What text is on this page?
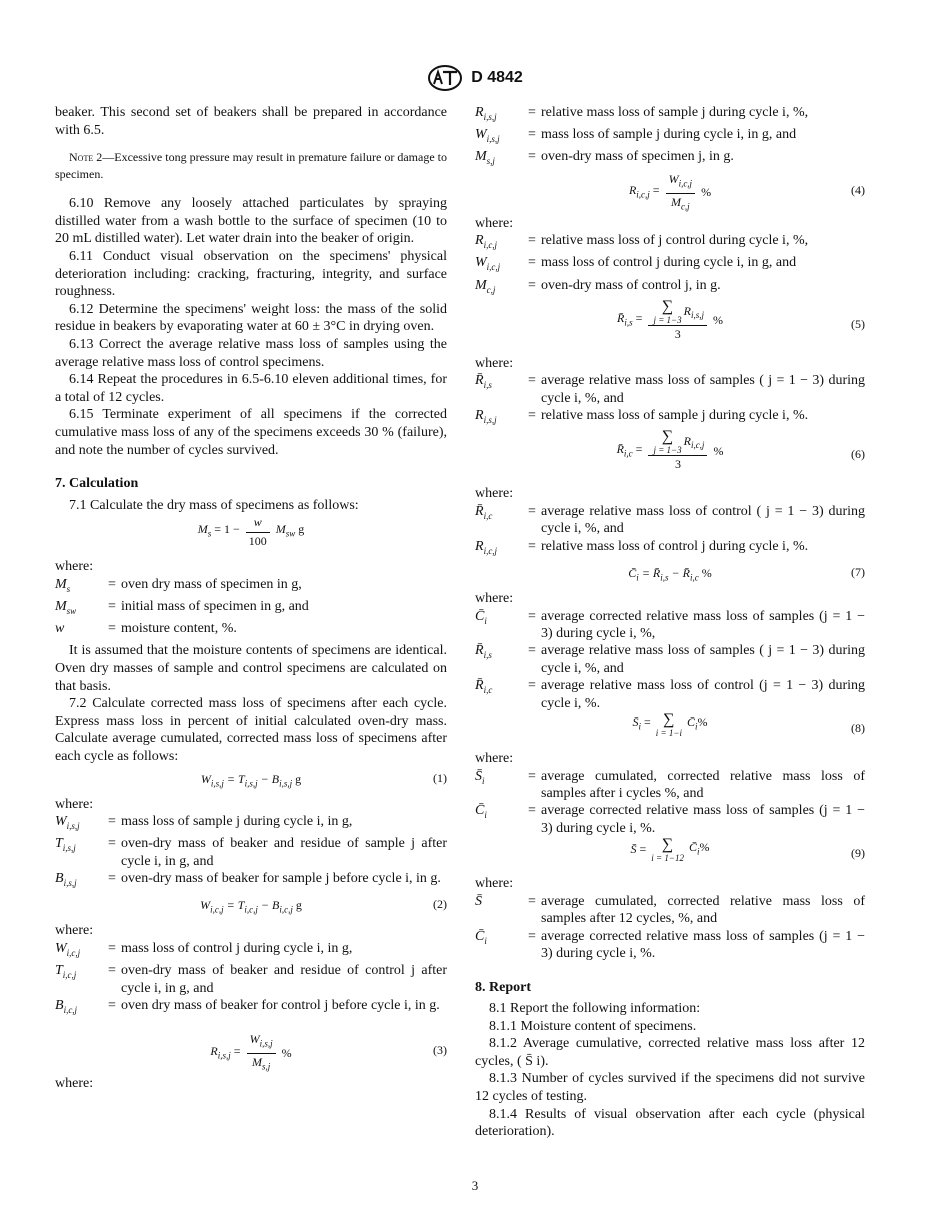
D 4842

beaker. This second set of beakers shall be prepared in accordance with 6.5.

Note 2—Excessive tong pressure may result in premature failure or damage to specimen.

6.10 Remove any loosely attached particulates by spraying distilled water from a wash bottle to the surface of specimen (10 to 20 mL distilled water). Let water drain into the beaker of origin.

6.11 Conduct visual observation on the specimens' physical deterioration including: cracking, fracturing, integrity, and surface roughness.

6.12 Determine the specimens' weight loss: the mass of the solid residue in beakers by evaporating water at 60 ± 3°C in drying oven.

6.13 Correct the average relative mass loss of samples using the average relative mass loss of control specimens.

6.14 Repeat the procedures in 6.5-6.10 eleven additional times, for a total of 12 cycles.

6.15 Terminate experiment of all specimens if the corrected cumulative mass loss of any of the specimens exceeds 30 % (failure), and note the number of cycles survived.

7. Calculation

7.1 Calculate the dry mass of specimens as follows:

$M_s = 1 - \frac{w}{100} M_{sw}$ g

where:

$M_s$	=	oven dry mass of specimen in g,
$M_{sw}$	=	initial mass of specimen in g, and
w	=	moisture content, %.

It is assumed that the moisture contents of specimens are identical. Oven dry masses of sample and control specimens are calculated on that basis.

7.2 Calculate corrected mass loss of specimens after each cycle. Express mass loss in percent of initial calculated oven-dry mass. Calculate average cumulated, corrected mass loss of specimens after each cycle as follows:

$W_{i,s,j} = T_{i,s,j} - B_{i,s,j}$ g	(1)

where:

$W_{i,s,j}$	=	mass loss of sample j during cycle i, in g,
$T_{i,s,j}$	=	oven-dry mass of beaker and residue of sample j after cycle i, in g, and
$B_{i,s,j}$	=	oven-dry mass of beaker for sample j before cycle i, in g.
$W_{i,c,j} = T_{i,c,j} - B_{i,c,j}$ g	(2)

where:

$W_{i,c,j}$	=	mass loss of control j during cycle i, in g,
$T_{i,c,j}$	=	oven-dry mass of beaker and residue of control j after cycle i, in g, and
$B_{i,c,j}$	=	oven dry mass of beaker for control j before cycle i, in g.
$R_{i,s,j} = \frac{W_{i,s,j}}{M_{s,j}}$ %	(3)

where:

$R_{i,s,j}$	=	relative mass loss of sample j during cycle i, %,
$W_{i,s,j}$	=	mass loss of sample j during cycle i, in g, and
$M_{s,j}$	=	oven-dry mass of specimen j, in g.
$R_{i,c,j} = \frac{W_{i,c,j}}{M_{c,j}}$ %	(4)

where:

$R_{i,c,j}$	=	relative mass loss of j control during cycle i, %,
$W_{i,c,j}$	=	mass loss of control j during cycle i, in g, and
$M_{c,j}$	=	oven-dry mass of control j, in g.
$R̄_{i,s}$ = ∑
j = 1−3
$R_{i,s,j}$
3 %	(5)

where:

$R̄_{i,s}$	=	average relative mass loss of samples ( j = 1 − 3) during cycle i, %, and
$R_{i,s,j}$	=	relative mass loss of sample j during cycle i, %.
$R̄_{i,c}$ = ∑
j = 1−3
$R_{i,c,j}$
3 %	(6)

where:

$R̄_{i,c}$	=	average relative mass loss of control ( j = 1 − 3) during cycle i, %, and
$R_{i,c,j}$	=	relative mass loss of control j during cycle i, %.
$C̄_i$ = $R̄_{i,s}$ − $R̄_{i,c}$ %	(7)

where:

$C̄_i$	=	average corrected relative mass loss of samples (j = 1 − 3) during cycle i, %,
$R̄_{i,s}$	=	average relative mass loss of samples ( j = 1 − 3) during cycle i, %, and
$R̄_{i,c}$	=	average relative mass loss of control (j = 1 − 3) during cycle i, %.
$S̄_i$ = ∑
i = 1−i
$C̄_i\%$	(8)

where:

$S̄_i$	=	average cumulated, corrected relative mass loss of samples after i cycles %, and
$C̄_i$	=	average corrected relative mass loss of samples (j = 1 − 3) during cycle i, %.
S̄ = ∑
i = 1−12
$C̄_i\%$	(9)

where:

S̄	=	average cumulated, corrected relative mass loss of samples after 12 cycles, %, and
$C̄_i$	=	average corrected relative mass loss of samples (j = 1 − 3) during cycle i, %.
8. Report

8.1 Report the following information:

8.1.1 Moisture content of specimens.

8.1.2 Average cumulative, corrected relative mass loss after 12 cycles, ( S̄ i).

8.1.3 Number of cycles survived if the specimens did not survive 12 cycles of testing.

8.1.4 Results of visual observation after each cycle (physical deterioration).

3
